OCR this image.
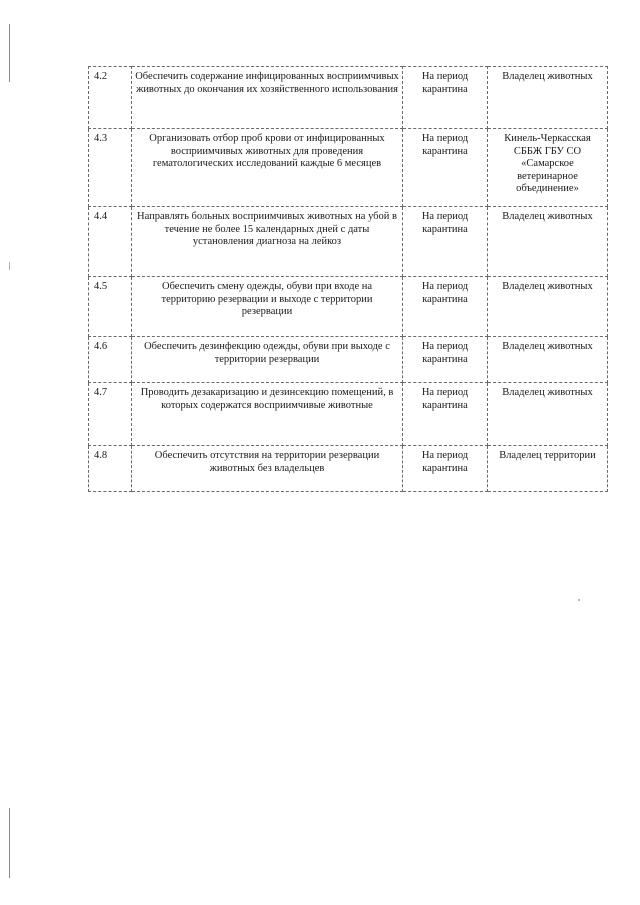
4.2	Обеспечить содержание инфицированных восприимчивых животных до окончания их хозяйственного использования	На период карантина	Владелец животных
4.3	Организовать отбор проб крови от инфицированных восприимчивых животных для проведения гематологических исследований каждые 6 месяцев	На период карантина	Кинель-Черкасская СББЖ ГБУ СО «Самарское ветеринарное объединение»
4.4	Направлять больных восприимчивых животных на убой в течение не более 15 календарных дней с даты установления диагноза на лейкоз	На период карантина	Владелец животных
4.5	Обеспечить смену одежды, обуви при входе на территорию резервации и выходе с территории резервации	На период карантина	Владелец животных
4.6	Обеспечить дезинфекцию одежды, обуви при выходе с территории резервации	На период карантина	Владелец животных
4.7	Проводить дезакаризацию и дезинсекцию помещений, в которых содержатся восприимчивые животные	На период карантина	Владелец животных
4.8	Обеспечить отсутствия на территории резервации животных без владельцев	На период карантина	Владелец территории
